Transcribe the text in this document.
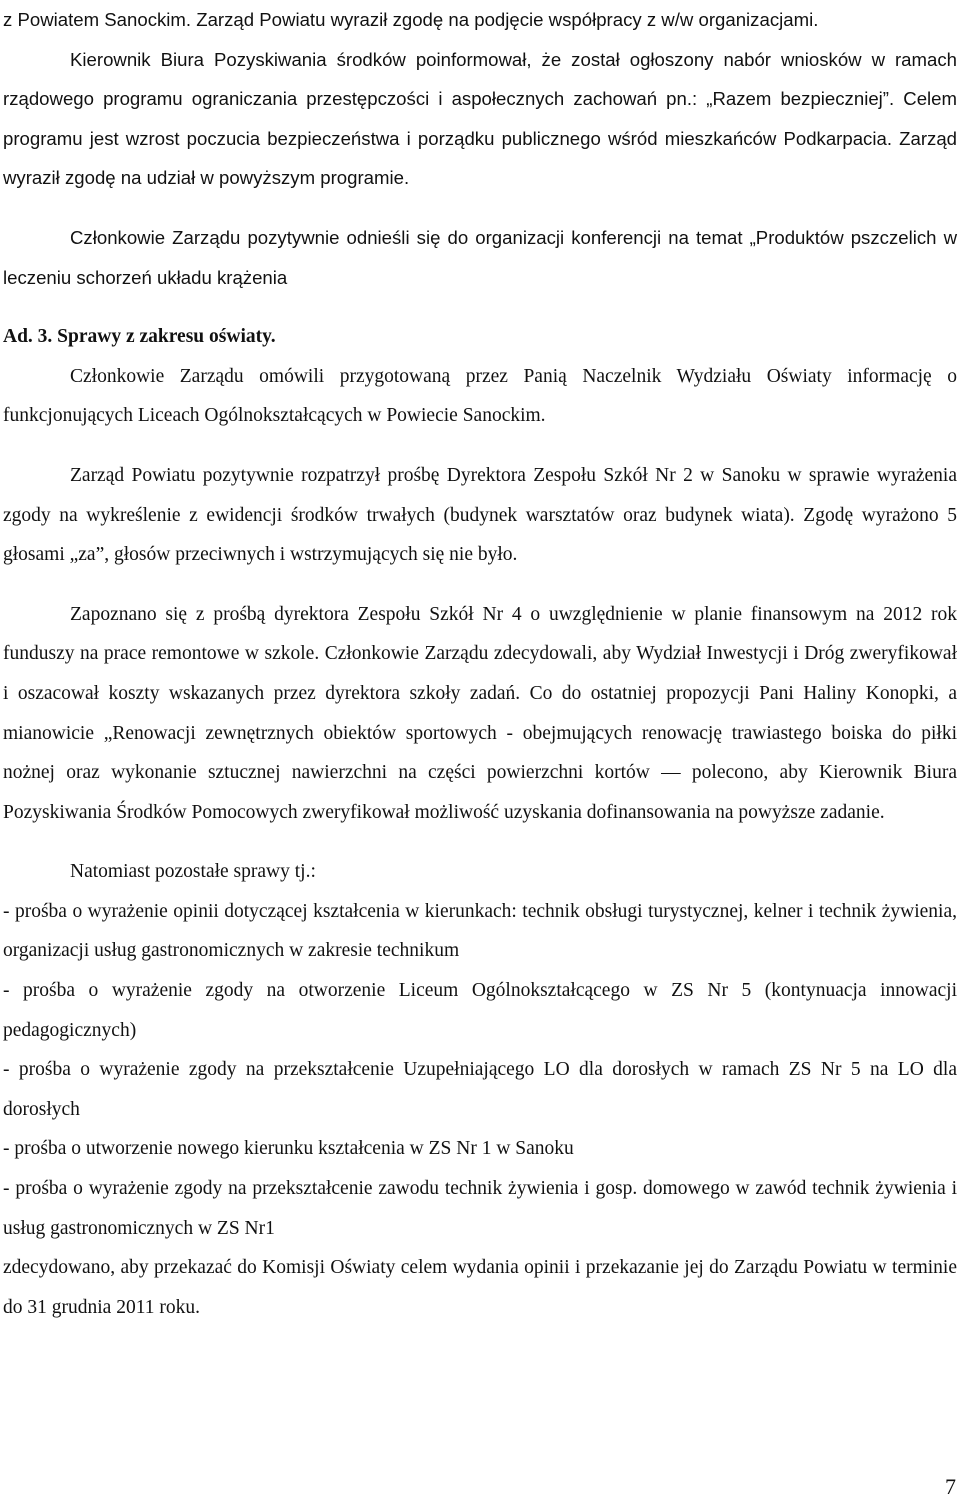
z Powiatem Sanockim. Zarząd Powiatu wyraził zgodę na podjęcie współpracy z w/w organizacjami.
Kierownik Biura Pozyskiwania środków poinformował, że został ogłoszony nabór wniosków w ramach rządowego programu ograniczania przestępczości i aspołecznych zachowań pn.: „Razem bezpieczniej”. Celem programu jest wzrost poczucia bezpieczeństwa i porządku publicznego wśród mieszkańców Podkarpacia. Zarząd wyraził zgodę na udział w powyższym programie.

Członkowie Zarządu pozytywnie odnieśli się do organizacji konferencji na temat „Produktów pszczelich w leczeniu schorzeń układu krążenia

Ad. 3. Sprawy z zakresu oświaty.

Członkowie Zarządu omówili przygotowaną przez Panią Naczelnik Wydziału Oświaty informację o funkcjonujących Liceach Ogólnokształcących w Powiecie Sanockim.

Zarząd Powiatu pozytywnie rozpatrzył prośbę Dyrektora Zespołu Szkół Nr 2 w Sanoku w sprawie wyrażenia zgody na wykreślenie z ewidencji środków trwałych (budynek warsztatów oraz budynek wiata). Zgodę wyrażono 5 głosami „za”, głosów przeciwnych i wstrzymujących się nie było.

Zapoznano się z prośbą dyrektora Zespołu Szkół Nr 4 o uwzględnienie w planie finansowym na 2012 rok funduszy na prace remontowe w szkole. Członkowie Zarządu zdecydowali, aby Wydział Inwestycji i Dróg zweryfikował i oszacował koszty wskazanych przez dyrektora szkoły zadań. Co do ostatniej propozycji Pani Haliny Konopki, a mianowicie „Renowacji zewnętrznych obiektów sportowych - obejmujących renowację trawiastego boiska do piłki nożnej oraz wykonanie sztucznej nawierzchni na części powierzchni kortów — polecono, aby Kierownik Biura Pozyskiwania Środków Pomocowych zweryfikował możliwość uzyskania dofinansowania na powyższe zadanie.

Natomiast pozostałe sprawy tj.:

- prośba o wyrażenie opinii dotyczącej kształcenia w kierunkach: technik obsługi turystycznej, kelner i technik żywienia, organizacji usług gastronomicznych w zakresie technikum

- prośba o wyrażenie zgody na otworzenie Liceum Ogólnokształcącego w ZS Nr 5 (kontynuacja innowacji pedagogicznych)

- prośba o wyrażenie zgody na przekształcenie Uzupełniającego LO dla dorosłych w ramach ZS Nr 5 na LO dla dorosłych

- prośba o utworzenie nowego kierunku kształcenia w ZS Nr 1 w Sanoku

- prośba o wyrażenie zgody na przekształcenie zawodu technik żywienia i gosp. domowego w zawód technik żywienia i usług gastronomicznych w ZS Nr1

zdecydowano, aby przekazać do Komisji Oświaty celem wydania opinii i przekazanie jej do Zarządu Powiatu w terminie do 31 grudnia 2011 roku.

7
